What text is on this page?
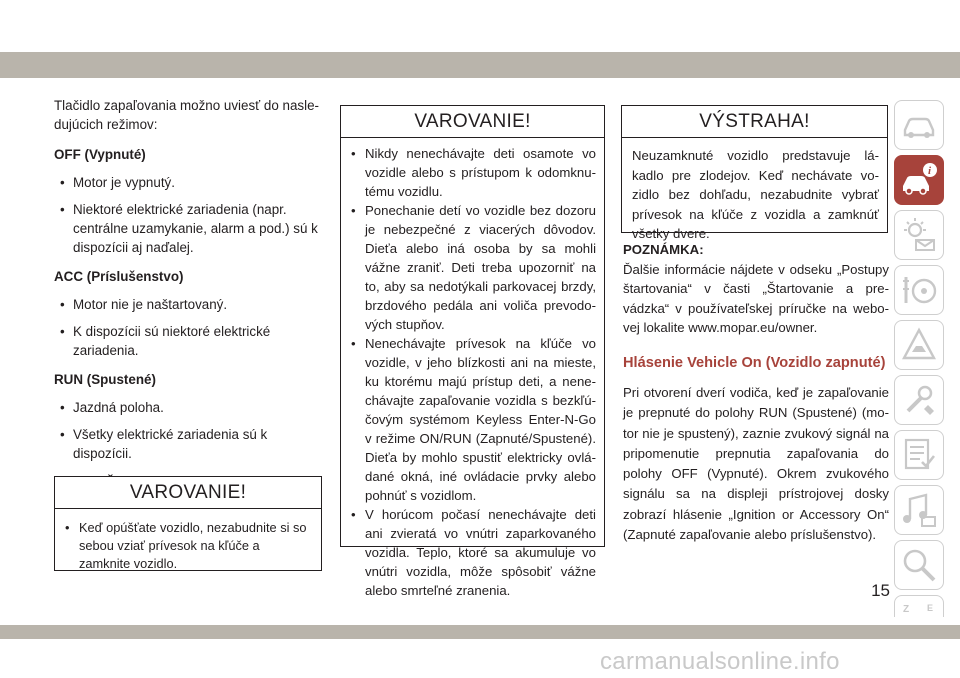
Tlačidlo zapaľovania možno uviesť do nasle-dujúcich režimov:

OFF (Vypnuté)
• Motor je vypnutý.
• Niektoré elektrické zariadenia (napr. centrálne uzamykanie, alarm a pod.) sú k dispozícii aj naďalej.
ACC (Príslušenstvo)
• Motor nie je naštartovaný.
• K dispozícii sú niektoré elektrické zariadenia.
RUN (Spustené)
• Jazdná poloha.
• Všetky elektrické zariadenia sú k dispozícii.
•
VAROVANIE!
• Keď opúšťate vozidlo, nezabudnite si so sebou vziať prívesok na kľúče a zamknite vozidlo.
VAROVANIE!
• Nikdy nenechávajte deti osamote vo vozidle alebo s prístupom k odomknu-tému vozidlu.
• Ponechanie detí vo vozidle bez dozoru je nebezpečné z viacerých dôvodov. Dieťa alebo iná osoba by sa mohli vážne zraniť. Deti treba upozorniť na to, aby sa nedotýkali parkovacej brzdy, brzdového pedála ani voliča prevodo-vých stupňov.
• Nenechávajte prívesok na kľúče vo vozidle, v jeho blízkosti ani na mieste, ku ktorému majú prístup deti, a nene-chávajte zapaľovanie vozidla s bezkľú-čovým systémom Keyless Enter-N-Go v režime ON/RUN (Zapnuté/Spustené). Dieťa by mohlo spustiť elektricky ovlá-dané okná, iné ovládacie prvky alebo pohnúť s vozidlom.
• V horúcom počasí nenechávajte deti ani zvieratá vo vnútri zaparkovaného vozidla. Teplo, ktoré sa akumuluje vo vnútri vozidla, môže spôsobiť vážne alebo smrteľné zranenia.
VÝSTRAHA!
Neuzamknuté vozidlo predstavuje lá-kadlo pre zlodejov. Keď nechávate vo-zidlo bez dohľadu, nezabudnite vybrať prívesok na kľúče z vozidla a zamknúť všetky dvere.
POZNÁMKA:
Ďalšie informácie nájdete v odseku „Postupy štartovania“ v časti „Štartovanie a pre-vádzka“ v používateľskej príručke na webo-vej lokalite www.mopar.eu/owner.
Hlásenie Vehicle On (Vozidlo zapnuté)
Pri otvorení dverí vodiča, keď je zapaľovanie je prepnuté do polohy RUN (Spustené) (mo-tor nie je spustený), zaznie zvukový signál na pripomenutie prepnutia zapaľovania do polohy OFF (Vypnuté). Okrem zvukového signálu sa na displeji prístrojovej dosky zobrazí hlásenie „Ignition or Accessory On“ (Zapnuté zapaľovanie alebo príslušenstvo).
i
Z E
15
carmanualsonline.info
